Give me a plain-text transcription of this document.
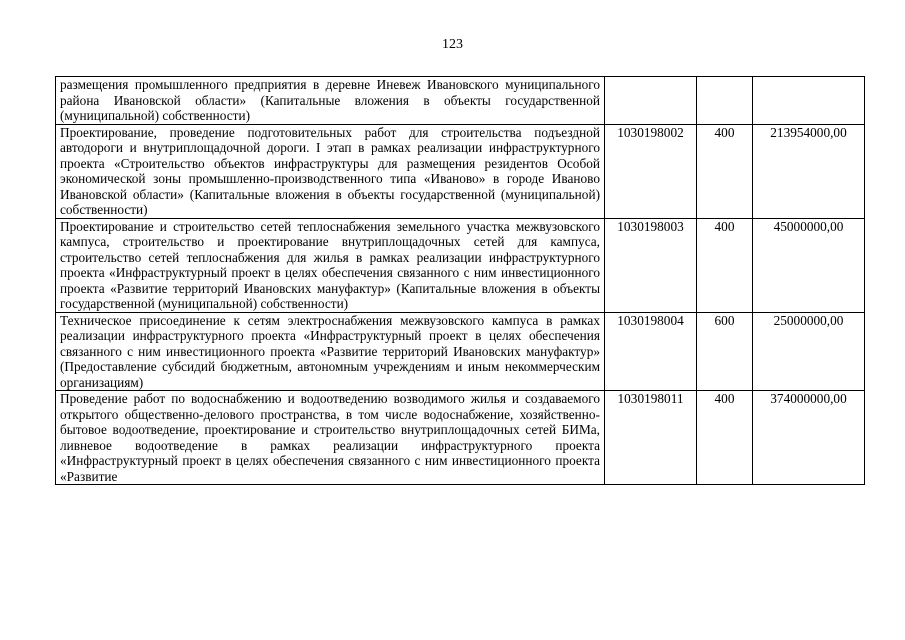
123
размещения промышленного предприятия в деревне Иневеж Ивановского муниципального района Ивановской области» (Капитальные вложения в объекты государственной (муниципальной) собственности)			
Проектирование, проведение подготовительных работ для строительства подъездной автодороги и внутриплощадочной дороги. I этап в рамках реализации инфраструктурного проекта «Строительство объектов инфраструктуры для размещения резидентов Особой экономической зоны промышленно-производственного типа «Иваново» в городе Иваново Ивановской области» (Капитальные вложения в объекты государственной (муниципальной) собственности)	1030198002	400	213954000,00
Проектирование и строительство сетей теплоснабжения земельного участка межвузовского кампуса, строительство и проектирование внутриплощадочных сетей для кампуса, строительство сетей теплоснабжения для жилья в рамках реализации инфраструктурного проекта «Инфраструктурный проект в целях обеспечения связанного с ним инвестиционного проекта «Развитие территорий Ивановских мануфактур» (Капитальные вложения в объекты государственной (муниципальной) собственности)	1030198003	400	45000000,00
Техническое присоединение к сетям электроснабжения межвузовского кампуса в рамках реализации инфраструктурного проекта «Инфраструктурный проект в целях обеспечения связанного с ним инвестиционного проекта «Развитие территорий Ивановских мануфактур» (Предоставление субсидий бюджетным, автономным учреждениям и иным некоммерческим организациям)	1030198004	600	25000000,00
Проведение работ по водоснабжению и водоотведению возводимого жилья и создаваемого открытого общественно-делового пространства, в том числе водоснабжение, хозяйственно-бытовое водоотведение, проектирование и строительство внутриплощадочных сетей БИМа, ливневое водоотведение в рамках реализации инфраструктурного проекта «Инфраструктурный проект в целях обеспечения связанного с ним инвестиционного проекта «Развитие	1030198011	400	374000000,00
